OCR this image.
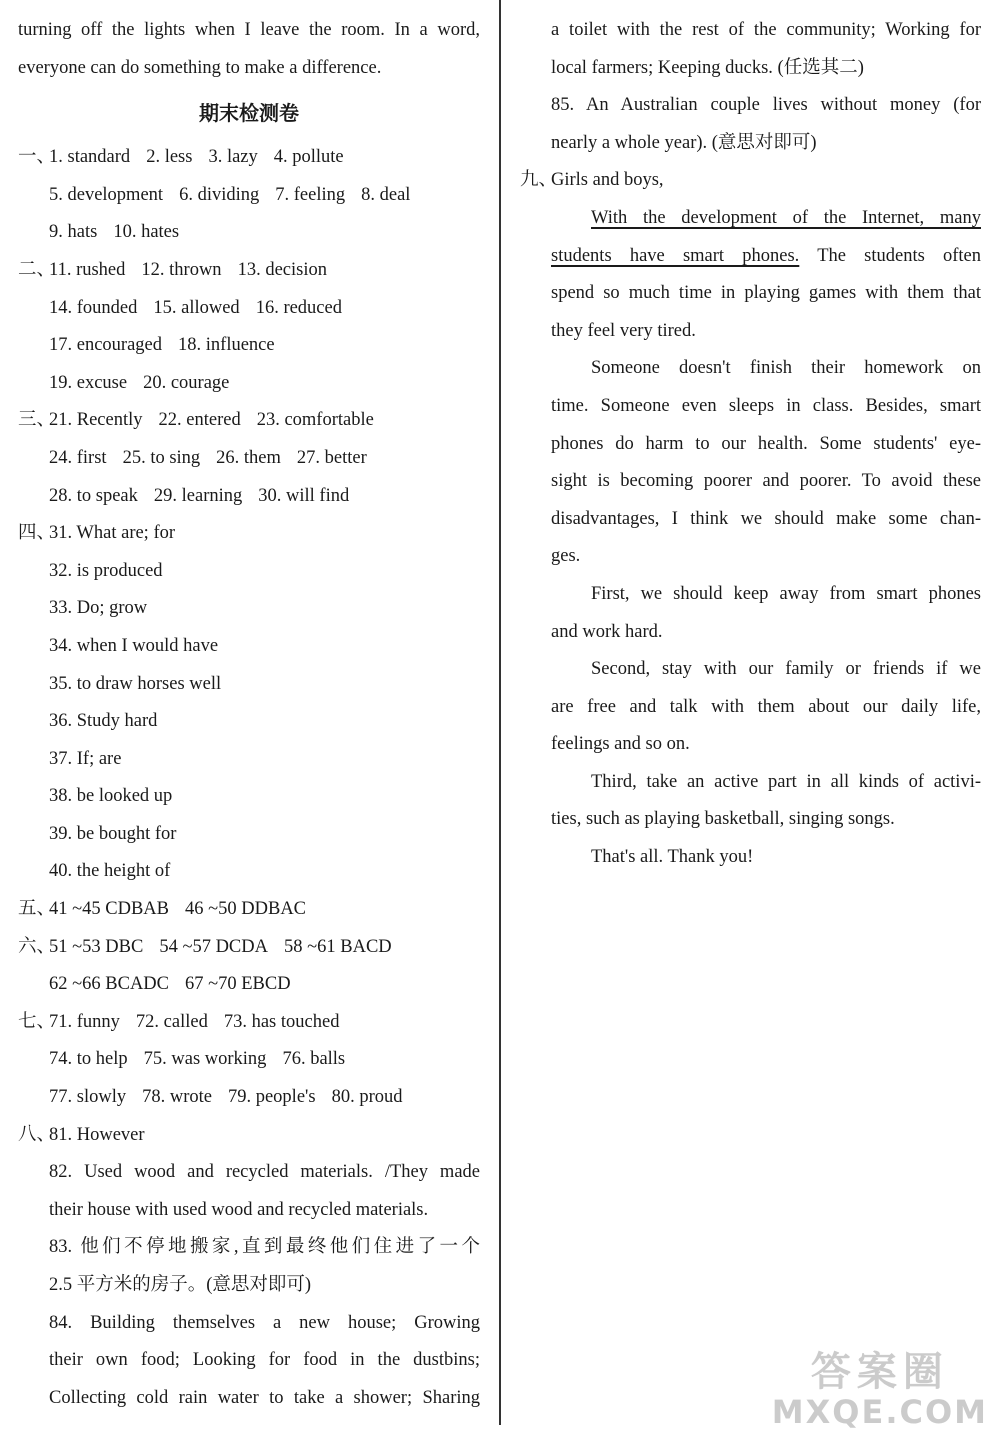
turning off the lights when I leave the room. In a word,
everyone can do something to make a difference.
期末检测卷
一、1. standard 2. less 3. lazy 4. pollute
5. development 6. dividing 7. feeling 8. deal
9. hats 10. hates
二、11. rushed 12. thrown 13. decision
14. founded 15. allowed 16. reduced
17. encouraged 18. influence
19. excuse 20. courage
三、21. Recently 22. entered 23. comfortable
24. first 25. to sing 26. them 27. better
28. to speak 29. learning 30. will find
四、31. What are; for
32. is produced
33. Do; grow
34. when I would have
35. to draw horses well
36. Study hard
37. If; are
38. be looked up
39. be bought for
40. the height of
五、41 ~45 CDBAB 46 ~50 DDBAC
六、51 ~53 DBC 54 ~57 DCDA 58 ~61 BACD
62 ~66 BCADC 67 ~70 EBCD
七、71. funny 72. called 73. has touched
74. to help 75. was working 76. balls
77. slowly 78. wrote 79. people's 80. proud
八、81. However
82. Used wood and recycled materials. /They made
their house with used wood and recycled materials.
83. 他们不停地搬家,直到最终他们住进了一个
2.5 平方米的房子。(意思对即可)
84. Building themselves a new house; Growing
their own food; Looking for food in the dustbins;
Collecting cold rain water to take a shower; Sharing
a toilet with the rest of the community; Working for
local farmers; Keeping ducks. (任选其二)
85. An Australian couple lives without money (for
nearly a whole year). (意思对即可)
九、
Girls and boys,
With the development of the Internet, many
students have smart phones. The students often
spend so much time in playing games with them that
they feel very tired.
Someone doesn't finish their homework on
time. Someone even sleeps in class. Besides, smart
phones do harm to our health. Some students' eye-
sight is becoming poorer and poorer. To avoid these
disadvantages, I think we should make some chan-
ges.
First, we should keep away from smart phones
and work hard.
Second, stay with our family or friends if we
are free and talk with them about our daily life,
feelings and so on.
Third, take an active part in all kinds of activi-
ties, such as playing basketball, singing songs.
That's all. Thank you!
答案圈
MXQE.COM
